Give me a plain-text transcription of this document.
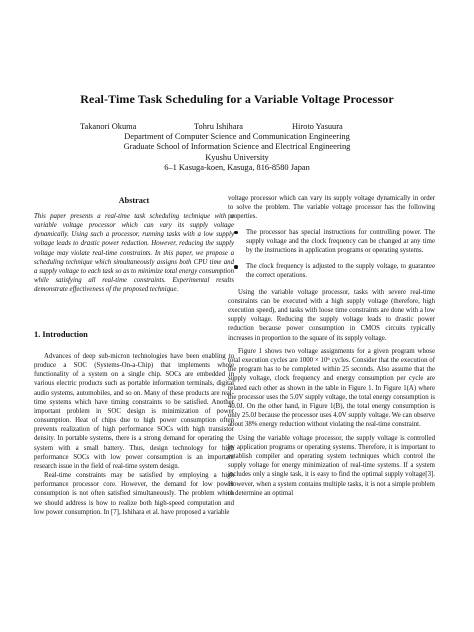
Real-Time Task Scheduling for a Variable Voltage Processor
Takanori Okuma	Tohru Ishihara	Hiroto Yasuura
Department of Computer Science and Communication Engineering
Graduate School of Information Science and Electrical Engineering
Kyushu University
6–1 Kasuga-koen, Kasuga, 816-8580 Japan
Abstract
This paper presents a real-time task scheduling technique with a variable voltage processor which can vary its supply voltage dynamically. Using such a processor, running tasks with a low supply voltage leads to drastic power reduction. However, reducing the supply voltage may violate real-time constraints. In this paper, we propose a scheduling technique which simultaneously assigns both CPU time and a supply voltage to each task so as to minimize total energy consumption while satisfying all real-time constraints. Experimental results demonstrate effectiveness of the proposed technique.
1. Introduction

Advances of deep sub-micron technologies have been enabling to produce a SOC (Systems-On-a-Chip) that implements whole functionality of a system on a single chip. SOCs are embedded in various electric products such as portable information terminals, digital audio systems, automobiles, and so on. Many of these products are real-time systems which have timing constraints to be satisfied. Another important problem in SOC design is minimization of power consumption. Heat of chips due to high power consumption often prevents realization of high performance SOCs with high transistor density. In portable systems, there is a strong demand for operating the system with a small battery. Thus, design technology for high performance SOCs with low power consumption is an important research issue in the field of real-time system design.

Real-time constraints may be satisfied by employing a high performance processor core. However, the demand for low power consumption is not often satisfied simultaneously. The problem which we should address is how to realize both high-speed computation and low power consumption. In [7], Ishihara et al. have proposed a variable

voltage processor which can vary its supply voltage dynamically in order to solve the problem. The variable voltage processor has the following properties.

The processor has special instructions for controlling power. The supply voltage and the clock frequency can be changed at any time by the instructions in application programs or operating systems.
The clock frequency is adjusted to the supply voltage, to guarantee the correct operations.

Using the variable voltage processor, tasks with severe real-time constraints can be executed with a high supply voltage (therefore, high execution speed), and tasks with loose time constraints are done with a low supply voltage. Reducing the supply voltage leads to drastic power reduction because power consumption in CMOS circuits typically increases in proportion to the square of its supply voltage.

Figure 1 shows two voltage assignments for a given program whose total execution cycles are 1000 × 10⁶ cycles. Consider that the execution of the program has to be completed within 25 seconds. Also assume that the supply voltage, clock frequency and energy consumption per cycle are related each other as shown in the table in Figure 1. In Figure 1(A) where the processor uses the 5.0V supply voltage, the total energy consumption is 40.0J. On the other hand, in Figure 1(B), the total energy consumption is only 25.0J because the processor uses 4.0V supply voltage. We can observe about 38% energy reduction without violating the real-time constraint.

Using the variable voltage processor, the supply voltage is controlled by application programs or operating systems. Therefore, it is important to establish compiler and operating system techniques which control the supply voltage for energy minimization of real-time systems. If a system includes only a single task, it is easy to find the optimal supply voltage[3]. However, when a system contains multiple tasks, it is not a simple problem to determine an optimal
